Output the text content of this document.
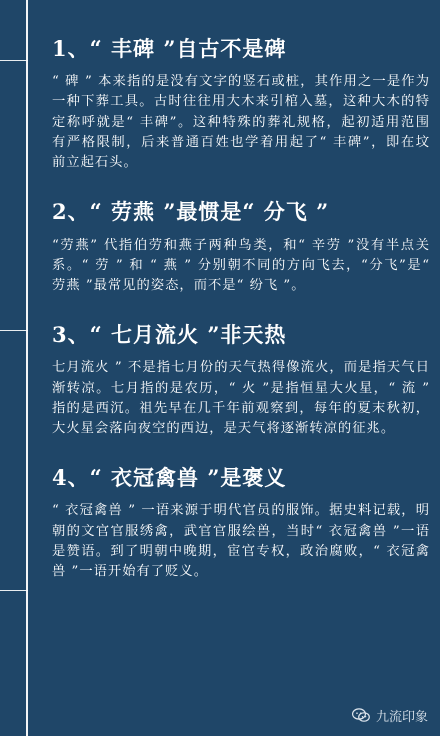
1、“ 丰碑 ”自古不是碑

“ 碑 ” 本来指的是没有文字的竖石或桩，其作用之一是作为一种下葬工具。古时往往用大木来引棺入墓，这种大木的特定称呼就是“ 丰碑”。这种特殊的葬礼规格，起初适用范围有严格限制，后来普通百姓也学着用起了“ 丰碑”，即在坟前立起石头。

2、“ 劳燕 ”最惯是“ 分飞 ”

“劳燕” 代指伯劳和燕子两种鸟类，和“ 辛劳 ”没有半点关系。“ 劳 ” 和 “ 燕 ” 分别朝不同的方向飞去，“分飞”是“ 劳燕 ”最常见的姿态，而不是“ 纷飞 ”。

3、“ 七月流火 ”非天热

七月流火 ” 不是指七月份的天气热得像流火，而是指天气日渐转凉。七月指的是农历，“ 火 ”是指恒星大火星，“ 流 ” 指的是西沉。祖先早在几千年前观察到，每年的夏末秋初，大火星会落向夜空的西边，是天气将逐渐转凉的征兆。

4、“ 衣冠禽兽 ”是褒义

“ 衣冠禽兽 ” 一语来源于明代官员的服饰。据史料记载，明朝的文官官服绣禽，武官官服绘兽，当时“ 衣冠禽兽 ”一语是赞语。到了明朝中晚期，宦官专权，政治腐败，“ 衣冠禽兽 ”一语开始有了贬义。

九流印象
